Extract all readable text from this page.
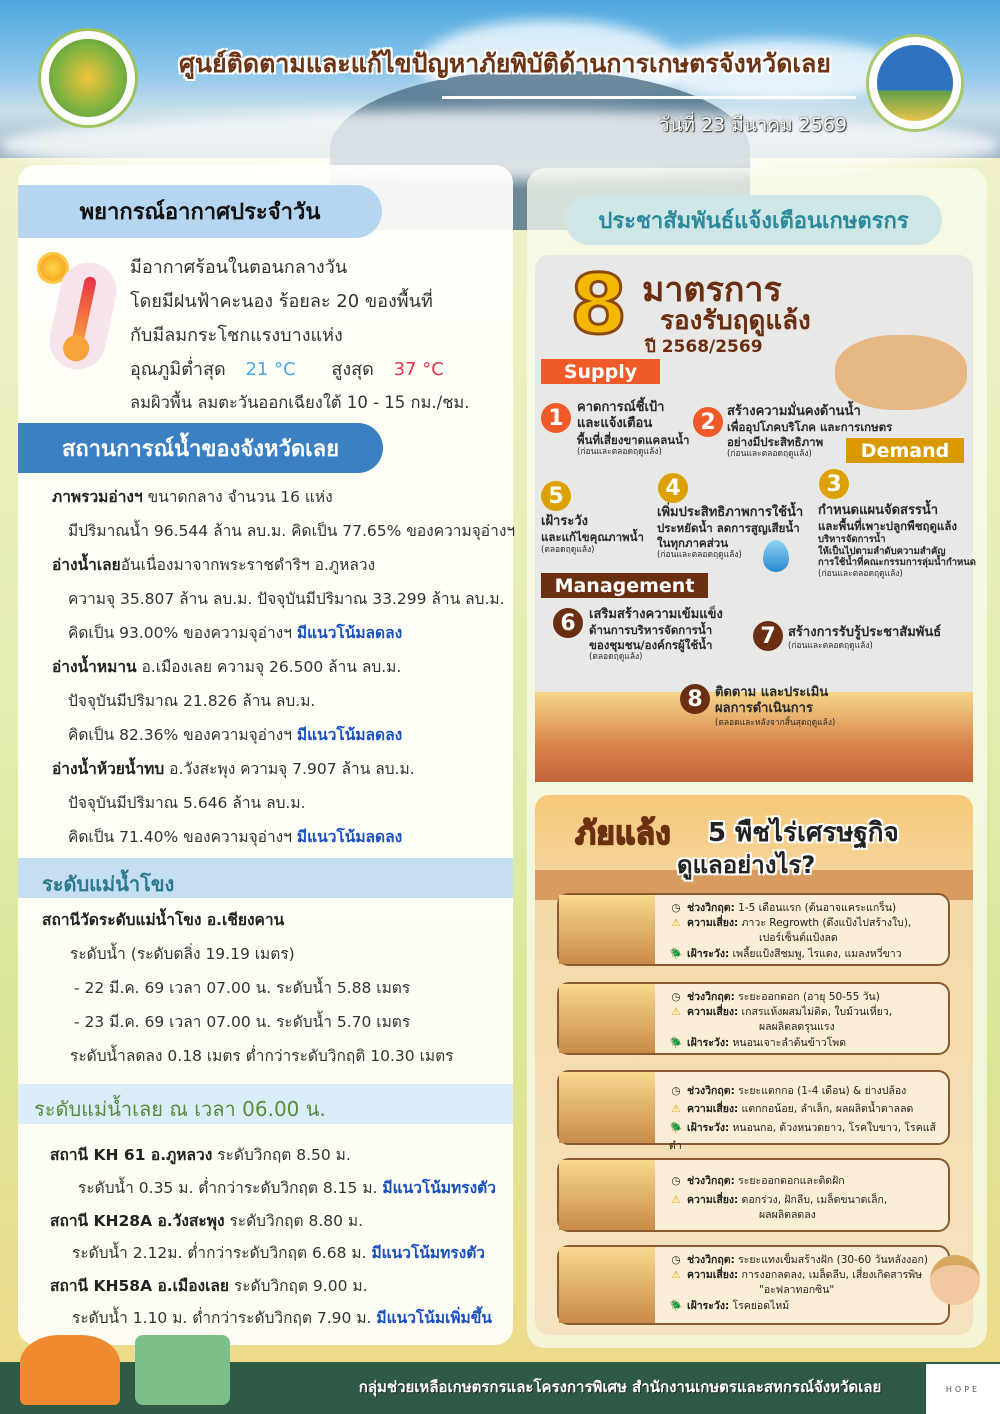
ศูนย์ติดตามและแก้ไขปัญหาภัยพิบัติด้านการเกษตรจังหวัดเลย
วันที่ 23 มีนาคม 2569
พยากรณ์อากาศประจำวัน
มีอากาศร้อนในตอนกลางวัน
โดยมีฝนฟ้าคะนอง ร้อยละ 20 ของพื้นที่
กับมีลมกระโชกแรงบางแห่ง
อุณภูมิต่ำสุด 21 °C สูงสุด 37 °C
ลมผิวพื้น ลมตะวันออกเฉียงใต้ 10 - 15 กม./ชม.
สถานการณ์น้ำของจังหวัดเลย
ภาพรวมอ่างฯ ขนาดกลาง จำนวน 16 แห่ง
มีปริมาณน้ำ 96.544 ล้าน ลบ.ม. คิดเป็น 77.65% ของความจุอ่างฯ
อ่างน้ำเลยอันเนื่องมาจากพระราชดำริฯ อ.ภูหลวง
ความจุ 35.807 ล้าน ลบ.ม. ปัจจุบันมีปริมาณ 33.299 ล้าน ลบ.ม.
คิดเป็น 93.00% ของความจุอ่างฯ มีแนวโน้มลดลง
อ่างน้ำหมาน อ.เมืองเลย ความจุ 26.500 ล้าน ลบ.ม.
ปัจจุบันมีปริมาณ 21.826 ล้าน ลบ.ม.
คิดเป็น 82.36% ของความจุอ่างฯ มีแนวโน้มลดลง
อ่างน้ำห้วยน้ำทบ อ.วังสะพุง ความจุ 7.907 ล้าน ลบ.ม.
ปัจจุบันมีปริมาณ 5.646 ล้าน ลบ.ม.
คิดเป็น 71.40% ของความจุอ่างฯ มีแนวโน้มลดลง
ระดับแม่น้ำโขง
สถานีวัดระดับแม่น้ำโขง อ.เชียงคาน
ระดับน้ำ (ระดับตลิ่ง 19.19 เมตร)
- 22 มี.ค. 69 เวลา 07.00 น. ระดับน้ำ 5.88 เมตร
- 23 มี.ค. 69 เวลา 07.00 น. ระดับน้ำ 5.70 เมตร
ระดับน้ำลดลง 0.18 เมตร ต่ำกว่าระดับวิกฤติ 10.30 เมตร
ระดับแม่น้ำเลย ณ เวลา 06.00 น.
สถานี KH 61 อ.ภูหลวง ระดับวิกฤต 8.50 ม.
ระดับน้ำ 0.35 ม. ต่ำกว่าระดับวิกฤต 8.15 ม. มีแนวโน้มทรงตัว
สถานี KH28A อ.วังสะพุง ระดับวิกฤต 8.80 ม.
ระดับน้ำ 2.12ม. ต่ำกว่าระดับวิกฤต 6.68 ม. มีแนวโน้มทรงตัว
สถานี KH58A อ.เมืองเลย ระดับวิกฤต 9.00 ม.
ระดับน้ำ 1.10 ม. ต่ำกว่าระดับวิกฤต 7.90 ม. มีแนวโน้มเพิ่มขึ้น
ประชาสัมพันธ์แจ้งเตือนเกษตรกร
8 มาตรการ
รองรับฤดูแล้ง
ปี 2568/2569
Supply
Demand
Management
1	คาดการณ์ชี้เป้า
และแจ้งเตือน
พื้นที่เสี่ยงขาดแคลนน้ำ
(ก่อนและตลอดฤดูแล้ง)
2 สร้างความมั่นคงด้านน้ำ
เพื่ออุปโภคบริโภค และการเกษตร
อย่างมีประสิทธิภาพ
(ก่อนและตลอดฤดูแล้ง)
3
กำหนดแผนจัดสรรน้ำ
และพื้นที่เพาะปลูกพืชฤดูแล้ง
บริหารจัดการน้ำ
ให้เป็นไปตามลำดับความสำคัญ
การใช้น้ำที่คณะกรรมการลุ่มน้ำกำหนด
(ก่อนและตลอดฤดูแล้ง)
4
เพิ่มประสิทธิภาพการใช้น้ำ
ประหยัดน้ำ ลดการสูญเสียน้ำ
ในทุกภาคส่วน
(ก่อนและตลอดฤดูแล้ง)
5
เฝ้าระวัง
และแก้ไขคุณภาพน้ำ
(ตลอดฤดูแล้ง)
6	เสริมสร้างความเข้มแข็ง
ด้านการบริหารจัดการน้ำ
ของชุมชน/องค์กรผู้ใช้น้ำ
(ตลอดฤดูแล้ง)
7 สร้างการรับรู้ประชาสัมพันธ์
(ก่อนและตลอดฤดูแล้ง)
8 ติดตาม และประเมิน
ผลการดำเนินการ
(ตลอดและหลังจากสิ้นสุดฤดูแล้ง)
ภัยแล้ง 5 พืชไร่เศรษฐกิจ
ดูแลอย่างไร?
◷ ช่วงวิกฤต: 1-5 เดือนแรก (ต้นอาจแคระแกร็น)
⚠ ความเสี่ยง: ภาวะ Regrowth (ดึงแป้งไปสร้างใบ),
เปอร์เซ็นต์แป้งลด
🪲 เฝ้าระวัง: เพลี้ยแป้งสีชมพู, ไรแดง, แมลงหวี่ขาว
◷ ช่วงวิกฤต: ระยะออกดอก (อายุ 50-55 วัน)
⚠ ความเสี่ยง: เกสรแห้งผสมไม่ติด, ใบม้วนเหี่ยว,
ผลผลิตลดรุนแรง
🪲 เฝ้าระวัง: หนอนเจาะลำต้นข้าวโพด
◷ ช่วงวิกฤต: ระยะแตกกอ (1-4 เดือน) & ย่างปล้อง
⚠ ความเสี่ยง: แตกกอน้อย, ลำเล็ก, ผลผลิตน้ำตาลลด
🪲 เฝ้าระวัง: หนอนกอ, ด้วงหนวดยาว, โรคใบขาว, โรคแส้ดำ
◷ ช่วงวิกฤต: ระยะออกดอกและติดฝัก
⚠ ความเสี่ยง: ดอกร่วง, ฝักลีบ, เมล็ดขนาดเล็ก,
ผลผลิตลดลง
◷ ช่วงวิกฤต: ระยะแทงเข็มสร้างฝัก (30-60 วันหลังงอก)
⚠ ความเสี่ยง: การงอกลดลง, เมล็ดลีบ, เสี่ยงเกิดสารพิษ
"อะฟลาทอกซิน"
🪲 เฝ้าระวัง: โรคยอดไหม้
กลุ่มช่วยเหลือเกษตรกรและโครงการพิเศษ สำนักงานเกษตรและสหกรณ์จังหวัดเลย	HOPE
